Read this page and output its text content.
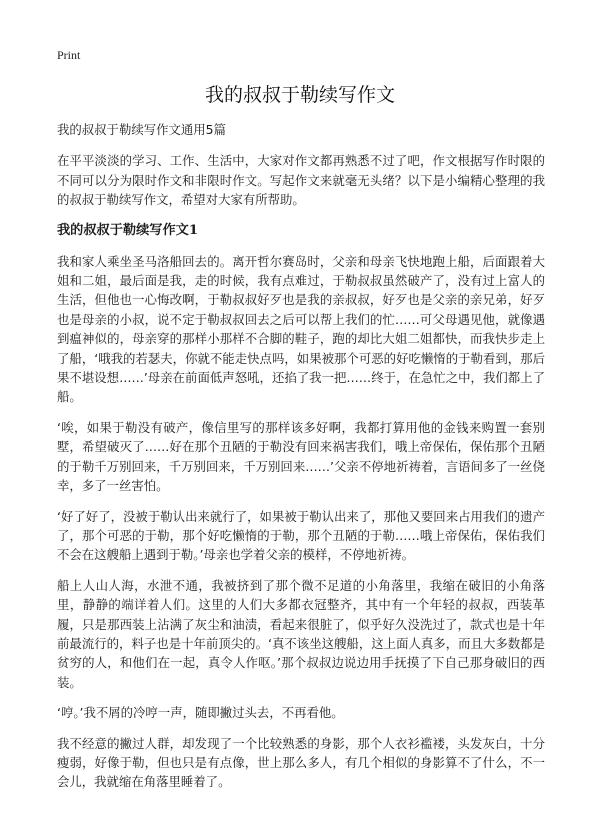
Print
我的叔叔于勒续写作文

我的叔叔于勒续写作文通用5篇

在平平淡淡的学习、工作、生活中，大家对作文都再熟悉不过了吧，作文根据写作时限的不同可以分为限时作文和非限时作文。写起作文来就毫无头绪？以下是小编精心整理的我的叔叔于勒续写作文，希望对大家有所帮助。

我的叔叔于勒续写作文1

我和家人乘坐圣马洛船回去的。离开哲尔赛岛时，父亲和母亲飞快地跑上船，后面跟着大姐和二姐，最后面是我，走的时候，我有点难过，于勒叔叔虽然破产了，没有过上富人的生活，但他也一心悔改啊，于勒叔叔好歹也是我的亲叔叔，好歹也是父亲的亲兄弟，好歹也是母亲的小叔，说不定于勒叔叔回去之后可以帮上我们的忙……可父母遇见他，就像遇到瘟神似的，母亲穿的那样小那样不合脚的鞋子，跑的却比大姐二姐都快，而我快步走上了船，‘哦我的若瑟夫，你就不能走快点吗，如果被那个可恶的好吃懒惰的于勒看到，那后果不堪设想……’母亲在前面低声怒吼，还掐了我一把……终于，在急忙之中，我们都上了船。

‘唉，如果于勒没有破产，像信里写的那样该多好啊，我都打算用他的金钱来购置一套别墅，希望破灭了……好在那个丑陋的于勒没有回来祸害我们，哦上帝保佑，保佑那个丑陋的于勒千万别回来，千万别回来，千万别回来……’父亲不停地祈祷着，言语间多了一丝侥幸，多了一丝害怕。

‘好了好了，没被于勒认出来就行了，如果被于勒认出来了，那他又要回来占用我们的遗产了，那个可恶的于勒，那个好吃懒惰的于勒，那个丑陋的于勒……哦上帝保佑，保佑我们不会在这艘船上遇到于勒。’母亲也学着父亲的模样，不停地祈祷。

船上人山人海，水泄不通，我被挤到了那个微不足道的小角落里，我缩在破旧的小角落里，静静的端详着人们。这里的人们大多都衣冠整齐，其中有一个年轻的叔叔，西装革履，只是那西装上沾满了灰尘和油渍，看起来很脏了，似乎好久没洗过了，款式也是十年前最流行的，料子也是十年前顶尖的。‘真不该坐这艘船，这上面人真多，而且大多数都是贫穷的人，和他们在一起，真令人作呕。’那个叔叔边说边用手抚摸了下自己那身破旧的西装。

‘哼。’我不屑的冷哼一声，随即撇过头去，不再看他。

我不经意的撇过人群，却发现了一个比较熟悉的身影，那个人衣衫褴褛，头发灰白，十分瘦弱，好像于勒，但也只是有点像，世上那么多人，有几个相似的身影算不了什么，不一会儿，我就缩在角落里睡着了。
